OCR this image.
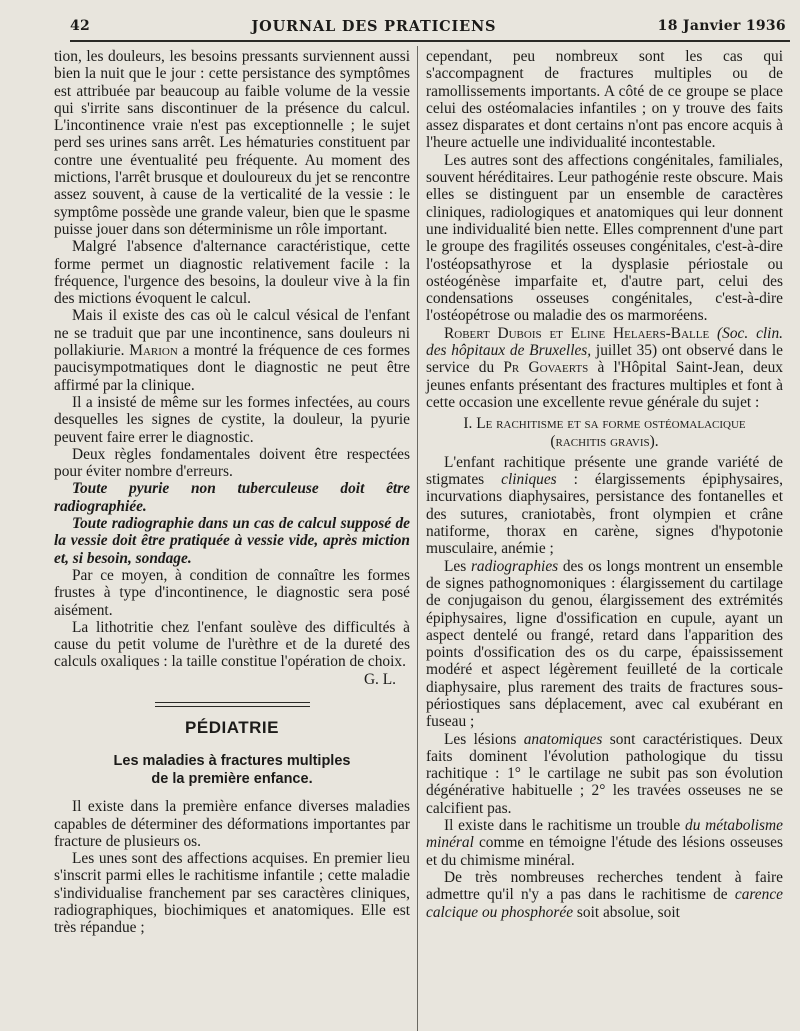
42	JOURNAL DES PRATICIENS	18 Janvier 1936

tion, les douleurs, les besoins pressants surviennent aussi bien la nuit que le jour : cette persistance des symptômes est attribuée par beaucoup au faible volume de la vessie qui s'irrite sans discontinuer de la présence du calcul. L'incontinence vraie n'est pas exceptionnelle ; le sujet perd ses urines sans arrêt. Les hématuries constituent par contre une éventualité peu fréquente. Au moment des mictions, l'arrêt brusque et douloureux du jet se rencontre assez souvent, à cause de la verticalité de la vessie : le symptôme possède une grande valeur, bien que le spasme puisse jouer dans son déterminisme un rôle important.

Malgré l'absence d'alternance caractéristique, cette forme permet un diagnostic relativement facile : la fréquence, l'urgence des besoins, la douleur vive à la fin des mictions évoquent le calcul.

Mais il existe des cas où le calcul vésical de l'enfant ne se traduit que par une incontinence, sans douleurs ni pollakiurie. Marion a montré la fréquence de ces formes paucisympotmatiques dont le diagnostic ne peut être affirmé par la clinique.

Il a insisté de même sur les formes infectées, au cours desquelles les signes de cystite, la douleur, la pyurie peuvent faire errer le diagnostic.

Deux règles fondamentales doivent être respectées pour éviter nombre d'erreurs.

Toute pyurie non tuberculeuse doit être radiographiée.

Toute radiographie dans un cas de calcul supposé de la vessie doit être pratiquée à vessie vide, après miction et, si besoin, sondage.

Par ce moyen, à condition de connaître les formes frustes à type d'incontinence, le diagnostic sera posé aisément.

La lithotritie chez l'enfant soulève des difficultés à cause du petit volume de l'urèthre et de la dureté des calculs oxaliques : la taille constitue l'opération de choix.

G. L.
PÉDIATRIE
Les maladies à fractures multiples
de la première enfance.

Il existe dans la première enfance diverses maladies capables de déterminer des déformations importantes par fracture de plusieurs os.

Les unes sont des affections acquises. En premier lieu s'inscrit parmi elles le rachitisme infantile ; cette maladie s'individualise franchement par ses caractères cliniques, radiographiques, biochimiques et anatomiques. Elle est très répandue ;

cependant, peu nombreux sont les cas qui s'accompagnent de fractures multiples ou de ramollissements importants. A côté de ce groupe se place celui des ostéomalacies infantiles ; on y trouve des faits assez disparates et dont certains n'ont pas encore acquis à l'heure actuelle une individualité incontestable.

Les autres sont des affections congénitales, familiales, souvent héréditaires. Leur pathogénie reste obscure. Mais elles se distinguent par un ensemble de caractères cliniques, radiologiques et anatomiques qui leur donnent une individualité bien nette. Elles comprennent d'une part le groupe des fragilités osseuses congénitales, c'est-à-dire l'ostéopsathyrose et la dysplasie périostale ou ostéogénèse imparfaite et, d'autre part, celui des condensations osseuses congénitales, c'est-à-dire l'ostéopétrose ou maladie des os marmoréens.

Robert Dubois et Eline Helaers-Balle (Soc. clin. des hôpitaux de Bruxelles, juillet 35) ont observé dans le service du Pr Govaerts à l'Hôpital Saint-Jean, deux jeunes enfants présentant des fractures multiples et font à cette occasion une excellente revue générale du sujet :

I. Le rachitisme et sa forme ostéomalacique
(rachitis gravis).

L'enfant rachitique présente une grande variété de stigmates cliniques : élargissements épiphysaires, incurvations diaphysaires, persistance des fontanelles et des sutures, craniotabès, front olympien et crâne natiforme, thorax en carène, signes d'hypotonie musculaire, anémie ;

Les radiographies des os longs montrent un ensemble de signes pathognomoniques : élargissement du cartilage de conjugaison du genou, élargissement des extrémités épiphysaires, ligne d'ossification en cupule, ayant un aspect dentelé ou frangé, retard dans l'apparition des points d'ossification des os du carpe, épaississement modéré et aspect légèrement feuilleté de la corticale diaphysaire, plus rarement des traits de fractures sous-périostiques sans déplacement, avec cal exubérant en fuseau ;

Les lésions anatomiques sont caractéristiques. Deux faits dominent l'évolution pathologique du tissu rachitique : 1° le cartilage ne subit pas son évolution dégénérative habituelle ; 2° les travées osseuses ne se calcifient pas.

Il existe dans le rachitisme un trouble du métabolisme minéral comme en témoigne l'étude des lésions osseuses et du chimisme minéral.

De très nombreuses recherches tendent à faire admettre qu'il n'y a pas dans le rachitisme de carence calcique ou phosphorée soit absolue, soit
